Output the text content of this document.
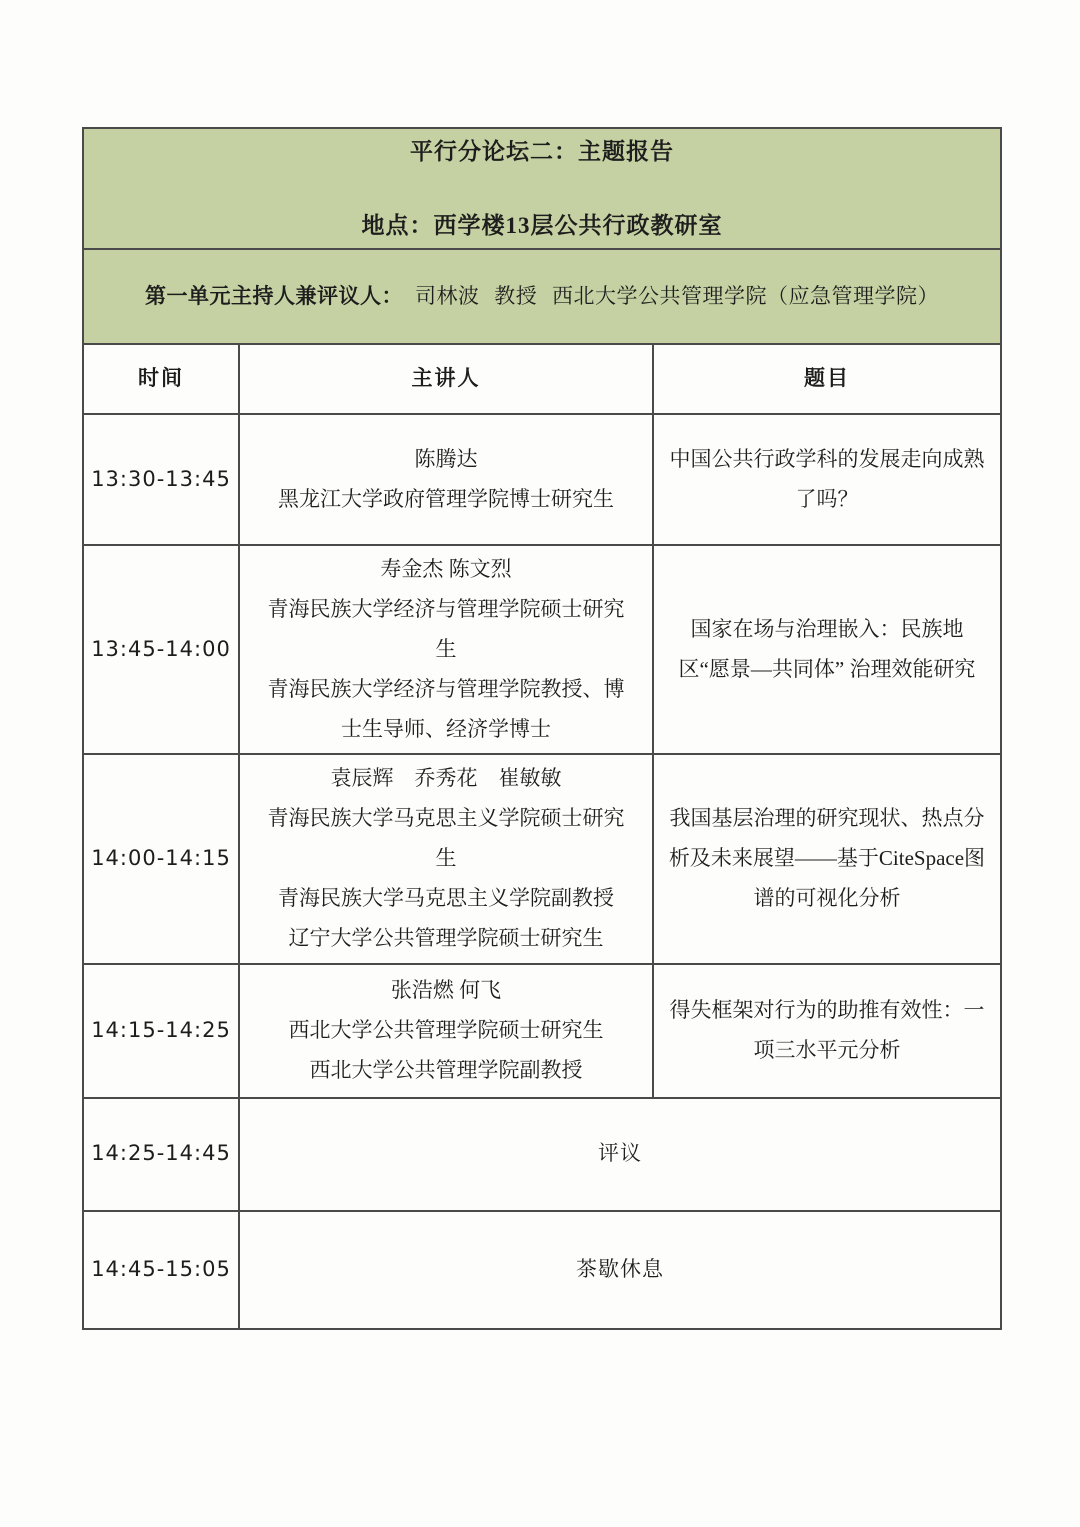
平行分论坛二：主题报告
地点：西学楼13层公共行政教研室		

第一单元主持人兼评议人： 司林波 教授 西北大学公共管理学院（应急管理学院）		

时间	主讲人	题目
13:30-13:45	陈腾达
黑龙江大学政府管理学院博士研究生	中国公共行政学科的发展走向成熟了吗？
13:45-14:00	寿金杰 陈文烈
青海民族大学经济与管理学院硕士研究生
青海民族大学经济与管理学院教授、博士生导师、经济学博士	国家在场与治理嵌入：民族地区“愿景—共同体” 治理效能研究
14:00-14:15	袁辰辉　乔秀花　崔敏敏
青海民族大学马克思主义学院硕士研究生
青海民族大学马克思主义学院副教授
辽宁大学公共管理学院硕士研究生	我国基层治理的研究现状、热点分析及未来展望——基于CiteSpace图谱的可视化分析
14:15-14:25	张浩燃 何飞
西北大学公共管理学院硕士研究生
西北大学公共管理学院副教授	得失框架对行为的助推有效性：一项三水平元分析
14:25-14:45	评议	
14:45-15:05	茶歇休息	
